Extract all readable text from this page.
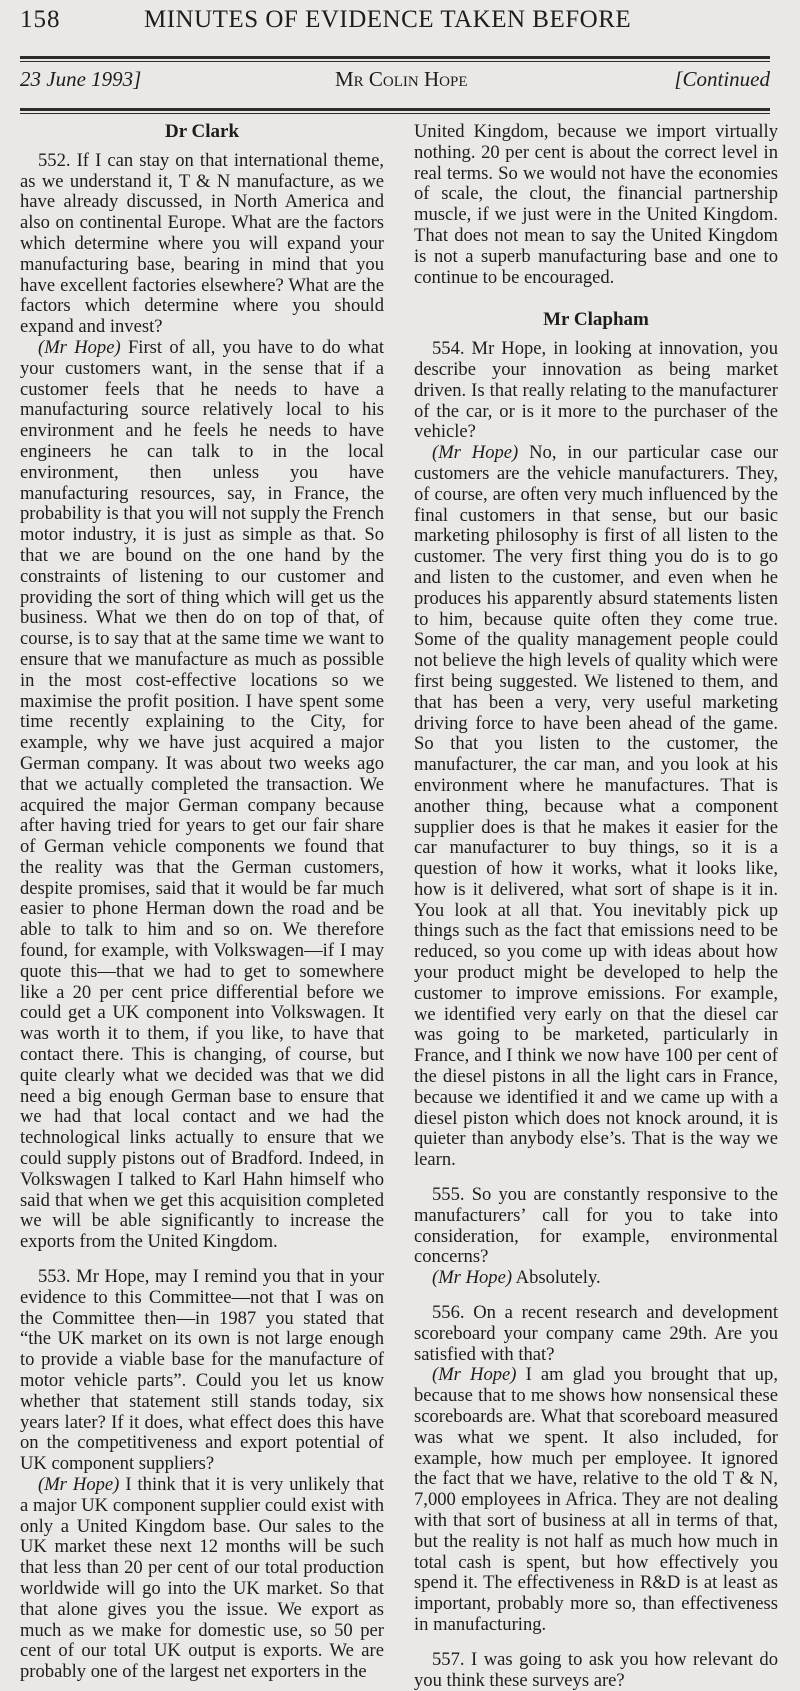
158	MINUTES OF EVIDENCE TAKEN BEFORE
23 June 1993]	Mr Colin Hope	[Continued
Dr Clark

552. If I can stay on that international theme, as we understand it, T & N manufacture, as we have already discussed, in North America and also on continental Europe. What are the factors which determine where you will expand your manufacturing base, bearing in mind that you have excellent factories elsewhere? What are the factors which determine where you should expand and invest?

(Mr Hope) First of all, you have to do what your customers want, in the sense that if a customer feels that he needs to have a manufacturing source relatively local to his environment and he feels he needs to have engineers he can talk to in the local environment, then unless you have manufacturing resources, say, in France, the probability is that you will not supply the French motor industry, it is just as simple as that. So that we are bound on the one hand by the constraints of listening to our customer and providing the sort of thing which will get us the business. What we then do on top of that, of course, is to say that at the same time we want to ensure that we manufacture as much as possible in the most cost-effective locations so we maximise the profit position. I have spent some time recently explaining to the City, for example, why we have just acquired a major German company. It was about two weeks ago that we actually completed the transaction. We acquired the major German company because after having tried for years to get our fair share of German vehicle components we found that the reality was that the German customers, despite promises, said that it would be far much easier to phone Herman down the road and be able to talk to him and so on. We therefore found, for example, with Volkswagen—if I may quote this—that we had to get to somewhere like a 20 per cent price differential before we could get a UK component into Volkswagen. It was worth it to them, if you like, to have that contact there. This is changing, of course, but quite clearly what we decided was that we did need a big enough German base to ensure that we had that local contact and we had the technological links actually to ensure that we could supply pistons out of Bradford. Indeed, in Volkswagen I talked to Karl Hahn himself who said that when we get this acquisition completed we will be able significantly to increase the exports from the United Kingdom.

553. Mr Hope, may I remind you that in your evidence to this Committee—not that I was on the Committee then—in 1987 you stated that “the UK market on its own is not large enough to provide a viable base for the manufacture of motor vehicle parts”. Could you let us know whether that statement still stands today, six years later? If it does, what effect does this have on the competitiveness and export potential of UK component suppliers?

(Mr Hope) I think that it is very unlikely that a major UK component supplier could exist with only a United Kingdom base. Our sales to the UK market these next 12 months will be such that less than 20 per cent of our total production worldwide will go into the UK market. So that that alone gives you the issue. We export as much as we make for domestic use, so 50 per cent of our total UK output is exports. We are probably one of the largest net exporters in the

United Kingdom, because we import virtually nothing. 20 per cent is about the correct level in real terms. So we would not have the economies of scale, the clout, the financial partnership muscle, if we just were in the United Kingdom. That does not mean to say the United Kingdom is not a superb manufacturing base and one to continue to be encouraged.

Mr Clapham

554. Mr Hope, in looking at innovation, you describe your innovation as being market driven. Is that really relating to the manufacturer of the car, or is it more to the purchaser of the vehicle?

(Mr Hope) No, in our particular case our customers are the vehicle manufacturers. They, of course, are often very much influenced by the final customers in that sense, but our basic marketing philosophy is first of all listen to the customer. The very first thing you do is to go and listen to the customer, and even when he produces his apparently absurd statements listen to him, because quite often they come true. Some of the quality management people could not believe the high levels of quality which were first being suggested. We listened to them, and that has been a very, very useful marketing driving force to have been ahead of the game. So that you listen to the customer, the manufacturer, the car man, and you look at his environment where he manufactures. That is another thing, because what a component supplier does is that he makes it easier for the car manufacturer to buy things, so it is a question of how it works, what it looks like, how is it delivered, what sort of shape is it in. You look at all that. You inevitably pick up things such as the fact that emissions need to be reduced, so you come up with ideas about how your product might be developed to help the customer to improve emissions. For example, we identified very early on that the diesel car was going to be marketed, particularly in France, and I think we now have 100 per cent of the diesel pistons in all the light cars in France, because we identified it and we came up with a diesel piston which does not knock around, it is quieter than anybody else’s. That is the way we learn.

555. So you are constantly responsive to the manufacturers’ call for you to take into consideration, for example, environmental concerns?

(Mr Hope) Absolutely.

556. On a recent research and development scoreboard your company came 29th. Are you satisfied with that?

(Mr Hope) I am glad you brought that up, because that to me shows how nonsensical these scoreboards are. What that scoreboard measured was what we spent. It also included, for example, how much per employee. It ignored the fact that we have, relative to the old T & N, 7,000 employees in Africa. They are not dealing with that sort of business at all in terms of that, but the reality is not half as much how much in total cash is spent, but how effectively you spend it. The effectiveness in R&D is at least as important, probably more so, than effectiveness in manufacturing.

557. I was going to ask you how relevant do you think these surveys are?
